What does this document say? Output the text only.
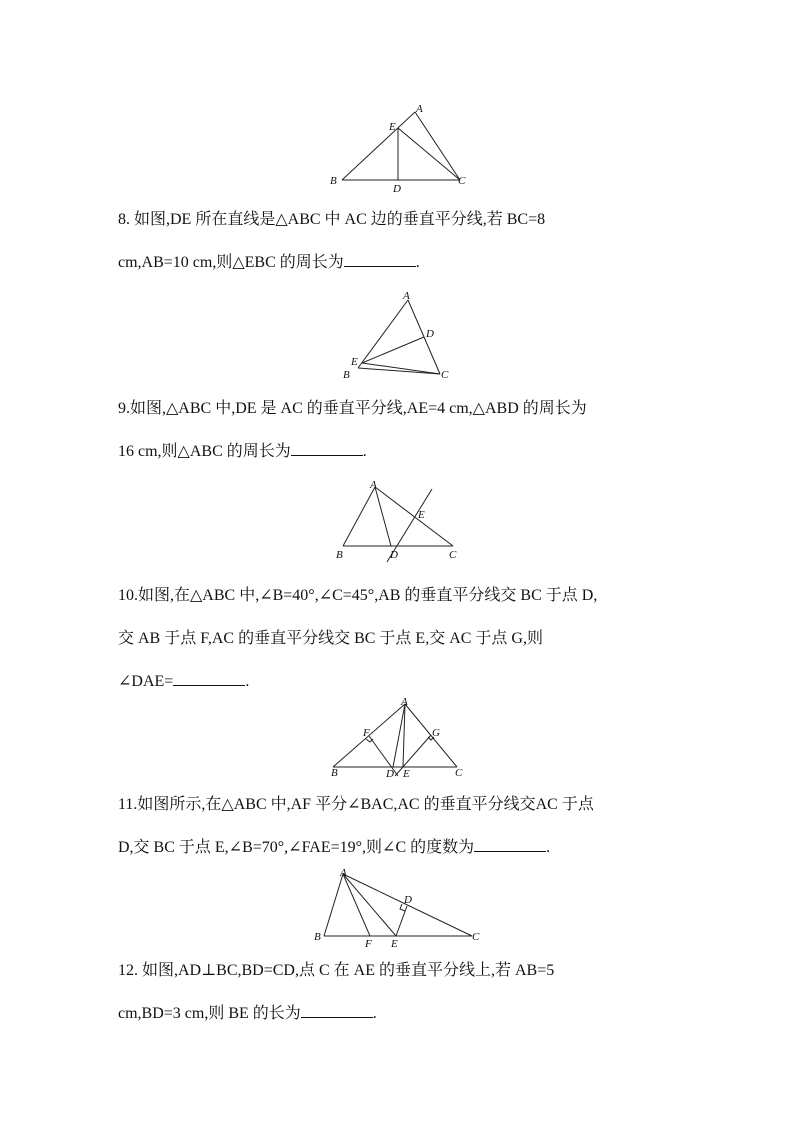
A
E
B
D
C
8. 如图,DE 所在直线是△ABC 中 AC 边的垂直平分线,若 BC=8
cm,AB=10 cm,则△EBC 的周长为	.
A
D
E
B	C
9.如图,△ABC 中,DE 是 AC 的垂直平分线,AE=4 cm,△ABD 的周长为
16 cm,则△ABC 的周长为	.
A
E
B	D	C
10.如图,在△ABC 中,∠B=40°,∠C=45°,AB 的垂直平分线交 BC 于点 D,
交 AB 于点 F,AC 的垂直平分线交 BC 于点 E,交 AC 于点 G,则
∠DAE=	.
A
F	G
B	D E	C
11.如图所示,在△ABC 中,AF 平分∠BAC,AC 的垂直平分线交AC 于点
D,交 BC 于点 E,∠B=70°,∠FAE=19°,则∠C 的度数为	.
A
D
B
F E
C
12. 如图,AD⊥BC,BD=CD,点 C 在 AE 的垂直平分线上,若 AB=5
cm,BD=3 cm,则 BE 的长为	.
